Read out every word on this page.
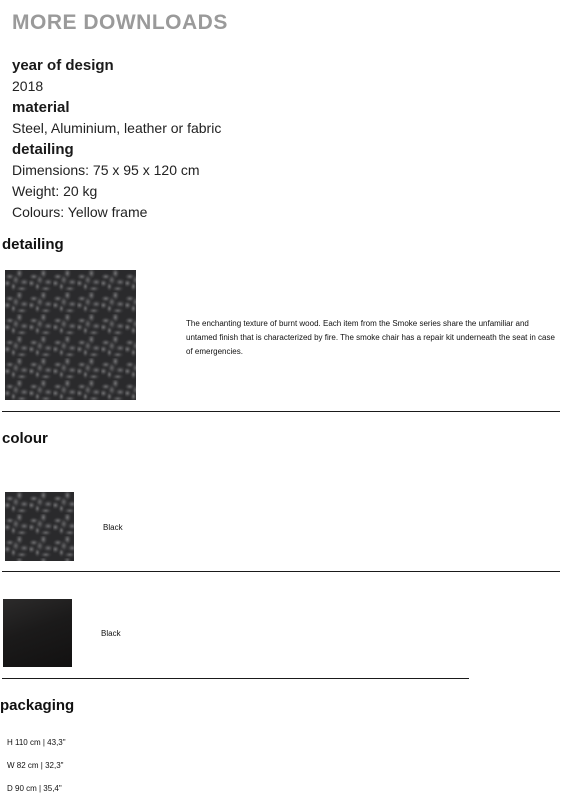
MORE DOWNLOADS
year of design
2018
material
Steel, Aluminium, leather or fabric
detailing
Dimensions: 75 x 95 x 120 cm
Weight: 20 kg
Colours: Yellow frame
detailing
The enchanting texture of burnt wood. Each item from the Smoke series share the unfamiliar and untamed finish that is characterized by fire. The smoke chair has a repair kit underneath the seat in case of emergencies.
colour
Black
Black
packaging
H 110 cm | 43,3"
W 82 cm | 32,3"
D 90 cm | 35,4"
